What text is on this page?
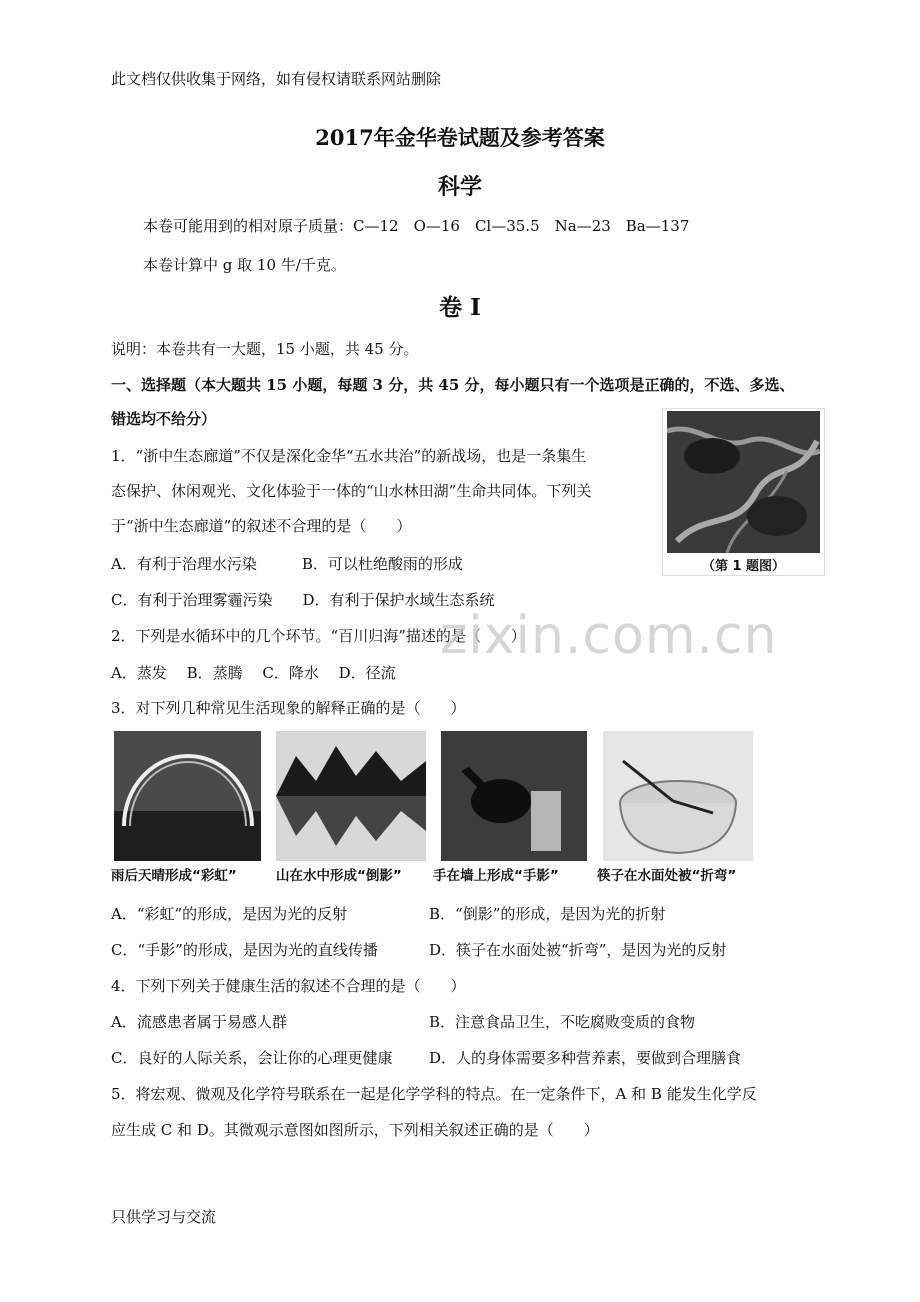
此文档仅供收集于网络，如有侵权请联系网站删除
2017年金华卷试题及参考答案
科学
本卷可能用到的相对原子质量：C—12　O—16　Cl—35.5　Na—23　Ba—137
本卷计算中 g 取 10 牛/千克。
卷 I
说明：本卷共有一大题，15 小题，共 45 分。
一、选择题（本大题共 15 小题，每题 3 分，共 45 分，每小题只有一个选项是正确的，不选、多选、
错选均不给分）
1．“浙中生态廊道”不仅是深化金华“五水共治”的新战场，也是一条集生
态保护、休闲观光、文化体验于一体的“山水林田湖”生命共同体。下列关
于“浙中生态廊道”的叙述不合理的是（　　）
A．有利于治理水污染　　　B．可以杜绝酸雨的形成
C．有利于治理雾霾污染　　D．有利于保护水域生态系统
（第 1 题图）
2．下列是水循环中的几个环节。“百川归海”描述的是（　　）
A．蒸发　 B．蒸腾　 C．降水　 D．径流
zixin.com.cn
3．对下列几种常见生活现象的解释正确的是（　　）
雨后天晴形成“彩虹”	山在水中形成“倒影” 手在墙上形成“手影”	筷子在水面处被“折弯”
A．“彩虹”的形成，是因为光的反射	B．“倒影”的形成，是因为光的折射
C．“手影”的形成，是因为光的直线传播	D．筷子在水面处被“折弯”，是因为光的反射
4．下列下列关于健康生活的叙述不合理的是（　　）
A．流感患者属于易感人群	B．注意食品卫生，不吃腐败变质的食物
C．良好的人际关系，会让你的心理更健康 D．人的身体需要多种营养素，要做到合理膳食
5．将宏观、微观及化学符号联系在一起是化学学科的特点。在一定条件下，A 和 B 能发生化学反
应生成 C 和 D。其微观示意图如图所示，下列相关叙述正确的是（　　）
只供学习与交流
